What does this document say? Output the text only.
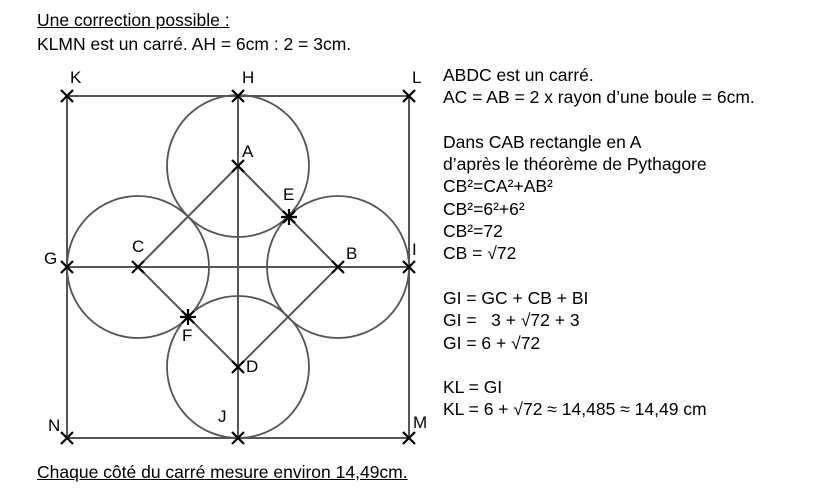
Une correction possible :
KLMN est un carré. AH = 6cm : 2 = 3cm.
K	H	L
A
E
C	B
G	I
F
D
N	J	M
ABDC est un carré.
AC = AB = 2 x rayon d’une boule = 6cm.
Dans CAB rectangle en A
d’après le théorème de Pythagore
CB²=CA²+AB²
CB²=6²+6²
CB²=72
CB = √72
GI = GC + CB + BI
GI =   3 + √72 + 3
GI = 6 + √72
KL = GI
KL = 6 + √72 ≈ 14,485 ≈ 14,49 cm
Chaque côté du carré mesure environ 14,49cm.
